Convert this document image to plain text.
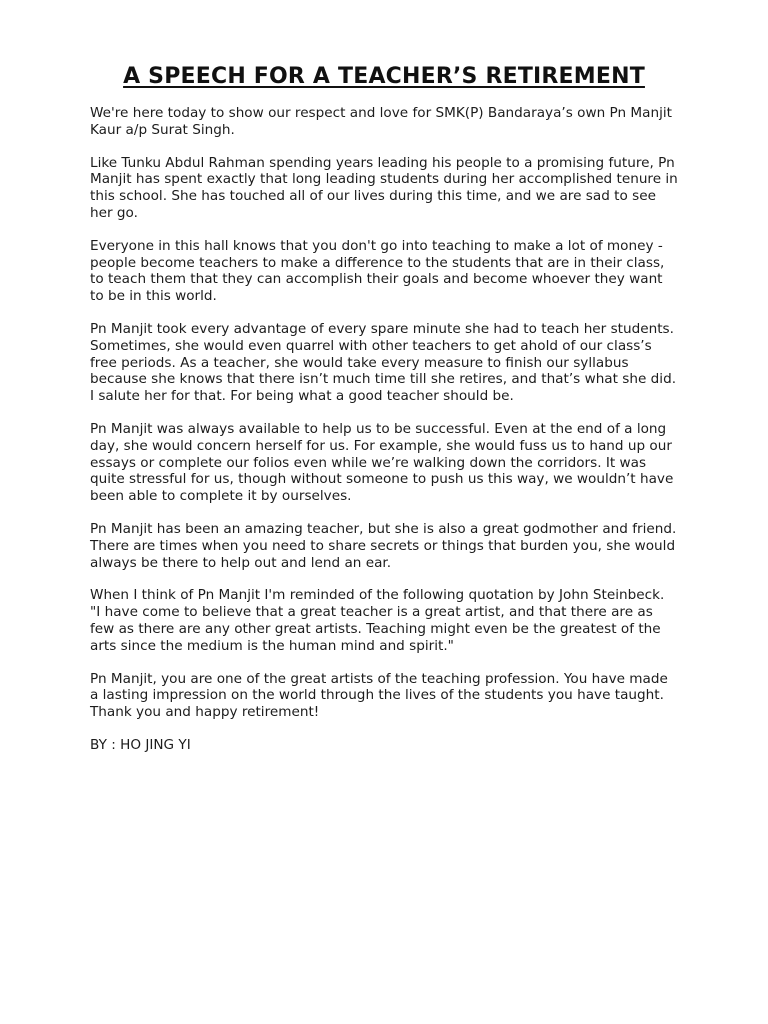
A SPEECH FOR A TEACHER’S RETIREMENT

We're here today to show our respect and love for SMK(P) Bandaraya’s own Pn Manjit Kaur a/p Surat Singh.

Like Tunku Abdul Rahman spending years leading his people to a promising future, Pn Manjit has spent exactly that long leading students during her accomplished tenure in this school. She has touched all of our lives during this time, and we are sad to see her go.

Everyone in this hall knows that you don't go into teaching to make a lot of money - people become teachers to make a difference to the students that are in their class, to teach them that they can accomplish their goals and become whoever they want to be in this world.

Pn Manjit took every advantage of every spare minute she had to teach her students. Sometimes, she would even quarrel with other teachers to get ahold of our class’s free periods. As a teacher, she would take every measure to finish our syllabus because she knows that there isn’t much time till she retires, and that’s what she did. I salute her for that. For being what a good teacher should be.

Pn Manjit was always available to help us to be successful. Even at the end of a long day, she would concern herself for us. For example, she would fuss us to hand up our essays or complete our folios even while we’re walking down the corridors. It was quite stressful for us, though without someone to push us this way, we wouldn’t have been able to complete it by ourselves.

Pn Manjit has been an amazing teacher, but she is also a great godmother and friend. There are times when you need to share secrets or things that burden you, she would always be there to help out and lend an ear.

When I think of Pn Manjit I'm reminded of the following quotation by John Steinbeck. "I have come to believe that a great teacher is a great artist, and that there are as few as there are any other great artists. Teaching might even be the greatest of the arts since the medium is the human mind and spirit."

Pn Manjit, you are one of the great artists of the teaching profession. You have made a lasting impression on the world through the lives of the students you have taught. Thank you and happy retirement!

BY : HO JING YI
